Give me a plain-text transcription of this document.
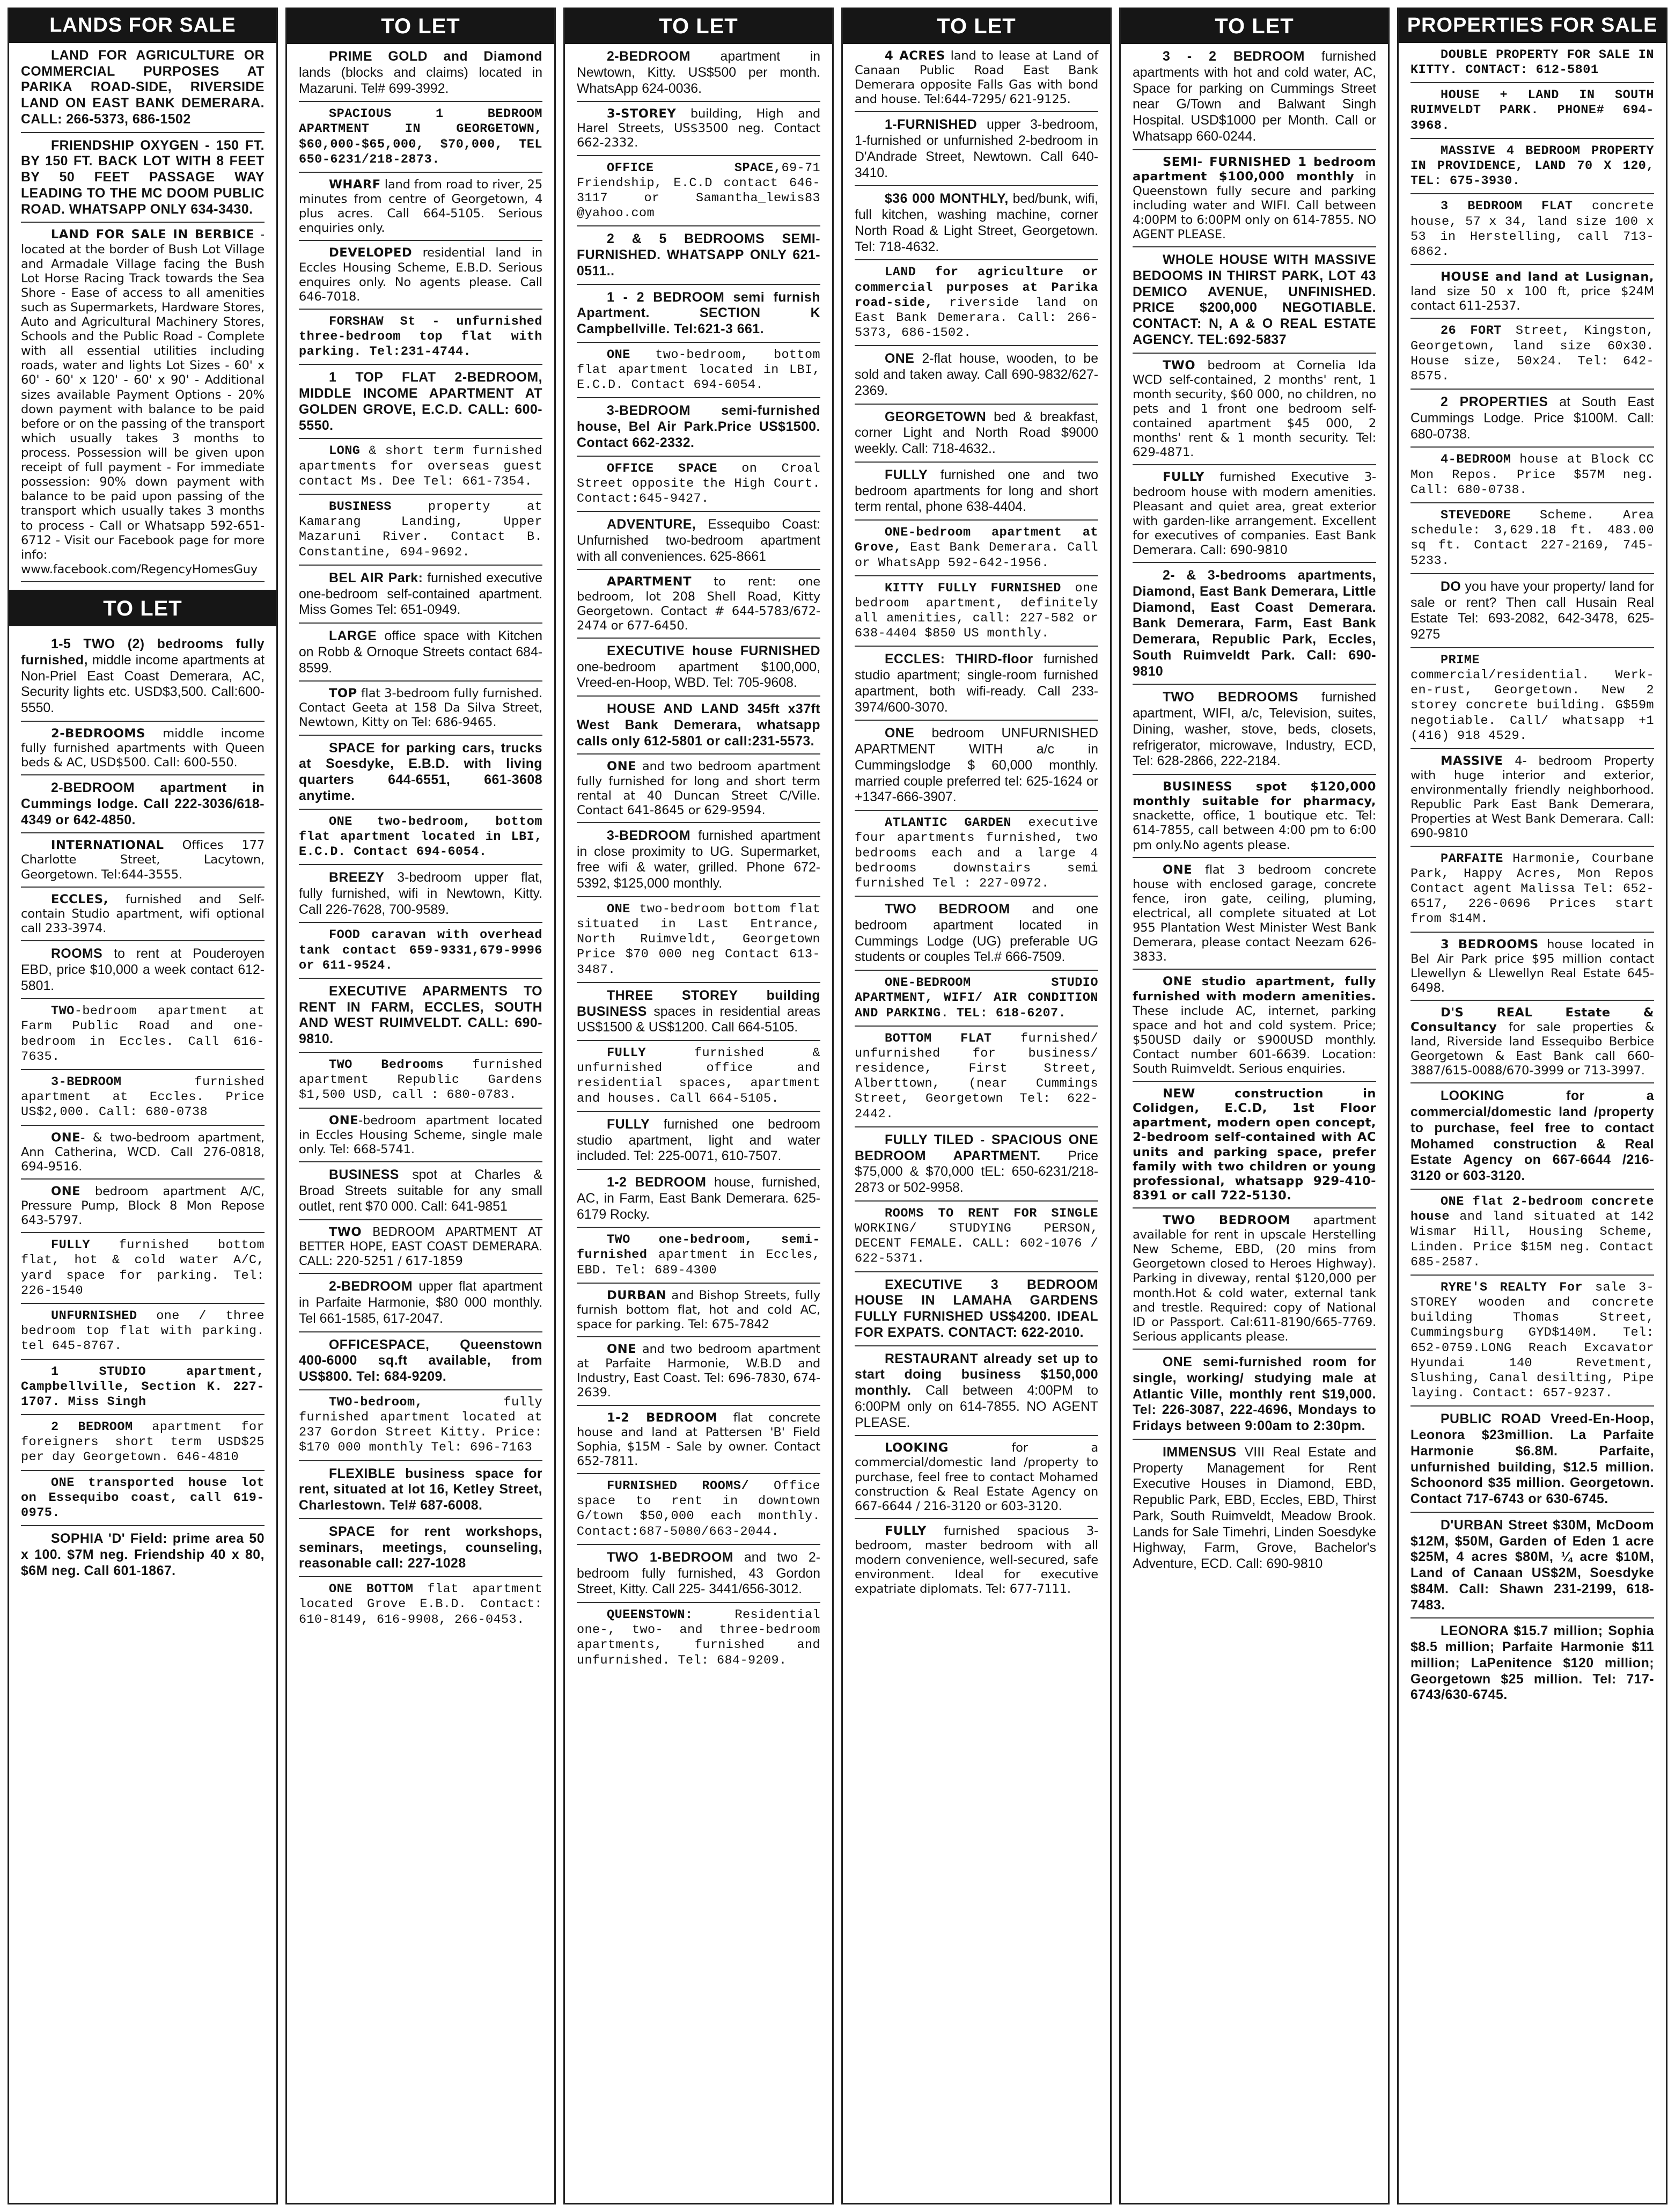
LANDS FOR SALE
LAND FOR AGRICULTURE OR COMMERCIAL PURPOSES AT PARIKA ROAD-SIDE, RIVERSIDE LAND ON EAST BANK DEMERARA. CALL: 266-5373, 686-1502
FRIENDSHIP OXYGEN - 150 FT. BY 150 FT. BACK LOT WITH 8 FEET BY 50 FEET PASSAGE WAY LEADING TO THE MC DOOM PUBLIC ROAD. WHATSAPP ONLY 634-3430.
LAND FOR SALE IN BERBICE - located at the border of Bush Lot Village and Armadale Village facing the Bush Lot Horse Racing Track towards the Sea Shore - Ease of access to all amenities such as Supermarkets, Hardware Stores, Auto and Agricultural Machinery Stores, Schools and the Public Road - Complete with all essential utilities including roads, water and lights Lot Sizes - 60' x 60' - 60' x 120' - 60' x 90' - Additional sizes available Payment Options - 20% down payment with balance to be paid before or on the passing of the transport which usually takes 3 months to process. Possession will be given upon receipt of full payment - For immediate possession: 90% down payment with balance to be paid upon passing of the transport which usually takes 3 months to process - Call or Whatsapp 592-651-6712 - Visit our Facebook page for more info: www.facebook.com/RegencyHomesGuy
TO LET
1-5 TWO (2) bedrooms fully furnished, middle income apartments at Non-Priel East Coast Demerara, AC, Security lights etc. USD$3,500. Call:600-5550.
2-BEDROOMS middle income fully furnished apartments with Queen beds & AC, USD$500. Call: 600-550.
2-BEDROOM apartment in Cummings lodge. Call 222-3036/618-4349 or 642-4850.
INTERNATIONAL Offices 177 Charlotte Street, Lacytown, Georgetown. Tel:644-3555.
ECCLES, furnished and Self-contain Studio apartment, wifi optional call 233-3974.
ROOMS to rent at Pouderoyen EBD, price $10,000 a week contact 612-5801.
TWO-bedroom apartment at Farm Public Road and one-bedroom in Eccles. Call 616-7635.
3-BEDROOM furnished apartment at Eccles. Price US$2,000. Call: 680-0738
ONE- & two-bedroom apartment, Ann Catherina, WCD. Call 276-0818, 694-9516.
ONE bedroom apartment A/C, Pressure Pump, Block 8 Mon Repose 643-5797.
FULLY furnished bottom flat, hot & cold water A/C, yard space for parking. Tel: 226-1540
UNFURNISHED one / three bedroom top flat with parking. tel 645-8767.
1 STUDIO apartment, Campbellville, Section K. 227-1707. Miss Singh
2 BEDROOM apartment for foreigners short term USD$25 per day Georgetown. 646-4810
ONE transported house lot on Essequibo coast, call 619-0975.
SOPHIA 'D' Field: prime area 50 x 100. $7M neg. Friendship 40 x 80, $6M neg. Call 601-1867.
TO LET
PRIME GOLD and Diamond lands (blocks and claims) located in Mazaruni. Tel# 699-3992.
SPACIOUS 1 BEDROOM APARTMENT IN GEORGETOWN, $60,000-$65,000, $70,000, TEL 650-6231/218-2873.
WHARF land from road to river, 25 minutes from centre of Georgetown, 4 plus acres. Call 664-5105. Serious enquiries only.
DEVELOPED residential land in Eccles Housing Scheme, E.B.D. Serious enquires only. No agents please. Call 646-7018.
FORSHAW St - unfurnished three-bedroom top flat with parking. Tel:231-4744.
1 TOP FLAT 2-BEDROOM, MIDDLE INCOME APARTMENT AT GOLDEN GROVE, E.C.D. CALL: 600-5550.
LONG & short term furnished apartments for overseas guest contact Ms. Dee Tel: 661-7354.
BUSINESS property at Kamarang Landing, Upper Mazaruni River. Contact B. Constantine, 694-9692.
BEL AIR Park: furnished executive one-bedroom self-contained apartment. Miss Gomes Tel: 651-0949.
LARGE office space with Kitchen on Robb & Ornoque Streets contact 684-8599.
TOP flat 3-bedroom fully furnished. Contact Geeta at 158 Da Silva Street, Newtown, Kitty on Tel: 686-9465.
SPACE for parking cars, trucks at Soesdyke, E.B.D. with living quarters 644-6551, 661-3608 anytime.
ONE two-bedroom, bottom flat apartment located in LBI, E.C.D. Contact 694-6054.
BREEZY 3-bedroom upper flat, fully furnished, wifi in Newtown, Kitty. Call 226-7628, 700-9589.
FOOD caravan with overhead tank contact 659-9331,679-9996 or 611-9524.
EXECUTIVE APARMENTS TO RENT IN FARM, ECCLES, SOUTH AND WEST RUIMVELDT. CALL: 690-9810.
TWO Bedrooms furnished apartment Republic Gardens $1,500 USD, call : 680-0783.
ONE-bedroom apartment located in Eccles Housing Scheme, single male only. Tel: 668-5741.
BUSINESS spot at Charles & Broad Streets suitable for any small outlet, rent $70 000. Call: 641-9851
TWO BEDROOM APARTMENT AT BETTER HOPE, EAST COAST DEMERARA. CALL: 220-5251 / 617-1859
2-BEDROOM upper flat apartment in Parfaite Harmonie, $80 000 monthly. Tel 661-1585, 617-2047.
OFFICESPACE, Queenstown 400-6000 sq.ft available, from US$800. Tel: 684-9209.
TWO-bedroom, fully furnished apartment located at 237 Gordon Street Kitty. Price: $170 000 monthly Tel: 696-7163
FLEXIBLE business space for rent, situated at lot 16, Ketley Street, Charlestown. Tel# 687-6008.
SPACE for rent workshops, seminars, meetings, counseling, reasonable call: 227-1028
ONE BOTTOM flat apartment located Grove E.B.D. Contact: 610-8149, 616-9908, 266-0453.
TO LET
2-BEDROOM apartment in Newtown, Kitty. US$500 per month. WhatsApp 624-0036.
3-STOREY building, High and Harel Streets, US$3500 neg. Contact 662-2332.
OFFICE SPACE,69-71 Friendship, E.C.D contact 646-3117 or Samantha_lewis83 @yahoo.com
2 & 5 BEDROOMS SEMI-FURNISHED. WHATSAPP ONLY 621-0511..
1 - 2 BEDROOM semi furnish Apartment. SECTION K Campbellville. Tel:621-3 661.
ONE two-bedroom, bottom flat apartment located in LBI, E.C.D. Contact 694-6054.
3-BEDROOM semi-furnished house, Bel Air Park.Price US$1500. Contact 662-2332.
OFFICE SPACE on Croal Street opposite the High Court. Contact:645-9427.
ADVENTURE, Essequibo Coast: Unfurnished two-bedroom apartment with all conveniences. 625-8661
APARTMENT to rent: one bedroom, lot 208 Shell Road, Kitty Georgetown. Contact # 644-5783/672-2474 or 677-6450.
EXECUTIVE house FURNISHED one-bedroom apartment $100,000, Vreed-en-Hoop, WBD. Tel: 705-9608.
HOUSE AND LAND 345ft x37ft West Bank Demerara, whatsapp calls only 612-5801 or call:231-5573.
ONE and two bedroom apartment fully furnished for long and short term rental at 40 Duncan Street C/Ville. Contact 641-8645 or 629-9594.
3-BEDROOM furnished apartment in close proximity to UG. Supermarket, free wifi & water, grilled. Phone 672-5392, $125,000 monthly.
ONE two-bedroom bottom flat situated in Last Entrance, North Ruimveldt, Georgetown Price $70 000 neg Contact 613-3487.
THREE STOREY building BUSINESS spaces in residential areas US$1500 & US$1200. Call 664-5105.
FULLY furnished & unfurnished office and residential spaces, apartment and houses. Call 664-5105.
FULLY furnished one bedroom studio apartment, light and water included. Tel: 225-0071, 610-7507.
1-2 BEDROOM house, furnished, AC, in Farm, East Bank Demerara. 625-6179 Rocky.
TWO one-bedroom, semi-furnished apartment in Eccles, EBD. Tel: 689-4300
DURBAN and Bishop Streets, fully furnish bottom flat, hot and cold AC, space for parking. Tel: 675-7842
ONE and two bedroom apartment at Parfaite Harmonie, W.B.D and Industry, East Coast. Tel: 696-7830, 674-2639.
1-2 BEDROOM flat concrete house and land at Pattersen 'B' Field Sophia, $15M - Sale by owner. Contact 652-7811.
FURNISHED ROOMS/ Office space to rent in downtown G/town $50,000 each monthly. Contact:687-5080/663-2044.
TWO 1-BEDROOM and two 2-bedroom fully furnished, 43 Gordon Street, Kitty. Call 225- 3441/656-3012.
QUEENSTOWN: Residential one-, two- and three-bedroom apartments, furnished and unfurnished. Tel: 684-9209.
TO LET
4 ACRES land to lease at Land of Canaan Public Road East Bank Demerara opposite Falls Gas with bond and house. Tel:644-7295/ 621-9125.
1-FURNISHED upper 3-bedroom, 1-furnished or unfurnished 2-bedroom in D'Andrade Street, Newtown. Call 640-3410.
$36 000 MONTHLY, bed/bunk, wifi, full kitchen, washing machine, corner North Road & Light Street, Georgetown. Tel: 718-4632.
LAND for agriculture or commercial purposes at Parika road-side, riverside land on East Bank Demerara. Call: 266-5373, 686-1502.
ONE 2-flat house, wooden, to be sold and taken away. Call 690-9832/627-2369.
GEORGETOWN bed & breakfast, corner Light and North Road $9000 weekly. Call: 718-4632..
FULLY furnished one and two bedroom apartments for long and short term rental, phone 638-4404.
ONE-bedroom apartment at Grove, East Bank Demerara. Call or WhatsApp 592-642-1956.
KITTY FULLY FURNISHED one bedroom apartment, definitely all amenities, call: 227-582 or 638-4404 $850 US monthly.
ECCLES: THIRD-floor furnished studio apartment; single-room furnished apartment, both wifi-ready. Call 233-3974/600-3070.
ONE bedroom UNFURNISHED APARTMENT WITH a/c in Cummingslodge $ 60,000 monthly. married couple preferred tel: 625-1624 or +1347-666-3907.
ATLANTIC GARDEN executive four apartments furnished, two bedrooms each and a large 4 bedrooms downstairs semi furnished Tel : 227-0972.
TWO BEDROOM and one bedroom apartment located in Cummings Lodge (UG) preferable UG students or couples Tel.# 666-7509.
ONE-BEDROOM STUDIO APARTMENT, WIFI/ AIR CONDITION AND PARKING. TEL: 618-6207.
BOTTOM FLAT furnished/ unfurnished for business/ residence, First Street, Alberttown, (near Cummings Street, Georgetown Tel: 622-2442.
FULLY TILED - SPACIOUS ONE BEDROOM APARTMENT. Price $75,000 & $70,000 tEL: 650-6231/218-2873 or 502-9958.
ROOMS TO RENT FOR SINGLE WORKING/ STUDYING PERSON, DECENT FEMALE. CALL: 602-1076 / 622-5371.
EXECUTIVE 3 BEDROOM HOUSE IN LAMAHA GARDENS FULLY FURNISHED US$4200. IDEAL FOR EXPATS. CONTACT: 622-2010.
RESTAURANT already set up to start doing business $150,000 monthly. Call between 4:00PM to 6:00PM only on 614-7855. NO AGENT PLEASE.
LOOKING for a commercial/domestic land /property to purchase, feel free to contact Mohamed construction & Real Estate Agency on 667-6644 / 216-3120 or 603-3120.
FULLY furnished spacious 3-bedroom, master bedroom with all modern convenience, well-secured, safe environment. Ideal for executive expatriate diplomats. Tel: 677-7111.
TO LET
3 - 2 BEDROOM furnished apartments with hot and cold water, AC, Space for parking on Cummings Street near G/Town and Balwant Singh Hospital. USD$1000 per Month. Call or Whatsapp 660-0244.
SEMI- FURNISHED 1 bedroom apartment $100,000 monthly in Queenstown fully secure and parking including water and WIFI. Call between 4:00PM to 6:00PM only on 614-7855. NO AGENT PLEASE.
WHOLE HOUSE WITH MASSIVE BEDOOMS IN THIRST PARK, LOT 43 DEMICO AVENUE, UNFINISHED. PRICE $200,000 NEGOTIABLE. CONTACT: N, A & O REAL ESTATE AGENCY. TEL:692-5837
TWO bedroom at Cornelia Ida WCD self-contained, 2 months' rent, 1 month security, $60 000, no children, no pets and 1 front one bedroom self-contained apartment $45 000, 2 months' rent & 1 month security. Tel: 629-4871.
FULLY furnished Executive 3- bedroom house with modern amenities. Pleasant and quiet area, great exterior with garden-like arrangement. Excellent for executives of companies. East Bank Demerara. Call: 690-9810
2- & 3-bedrooms apartments, Diamond, East Bank Demerara, Little Diamond, East Coast Demerara. Bank Demerara, Farm, East Bank Demerara, Republic Park, Eccles, South Ruimveldt Park. Call: 690-9810
TWO BEDROOMS furnished apartment, WIFI, a/c, Television, suites, Dining, washer, stove, beds, closets, refrigerator, microwave, Industry, ECD, Tel: 628-2866, 222-2184.
BUSINESS spot $120,000 monthly suitable for pharmacy, snackette, office, 1 boutique etc. Tel: 614-7855, call between 4:00 pm to 6:00 pm only.No agents please.
ONE flat 3 bedroom concrete house with enclosed garage, concrete fence, iron gate, ceiling, pluming, electrical, all complete situated at Lot 955 Plantation West Minister West Bank Demerara, please contact Neezam 626-3833.
ONE studio apartment, fully furnished with modern amenities. These include AC, internet, parking space and hot and cold system. Price; $50USD daily or $900USD monthly. Contact number 601-6639. Location: South Ruimveldt. Serious enquiries.
NEW construction in Colidgen, E.C.D, 1st Floor apartment, modern open concept, 2-bedroom self-contained with AC units and parking space, prefer family with two children or young professional, whatsapp 929-410-8391 or call 722-5130.
TWO BEDROOM apartment available for rent in upscale Herstelling New Scheme, EBD, (20 mins from Georgetown closed to Heroes Highway). Parking in diveway, rental $120,000 per month.Hot & cold water, external tank and trestle. Required: copy of National ID or Passport. Cal:611-8190/665-7769. Serious applicants please.
ONE semi-furnished room for single, working/ studying male at Atlantic Ville, monthly rent $19,000. Tel: 226-3087, 222-4696, Mondays to Fridays between 9:00am to 2:30pm.
IMMENSUS VIII Real Estate and Property Management for Rent Executive Houses in Diamond, EBD, Republic Park, EBD, Eccles, EBD, Thirst Park, South Ruimveldt, Meadow Brook. Lands for Sale Timehri, Linden Soesdyke Highway, Farm, Grove, Bachelor's Adventure, ECD. Call: 690-9810
PROPERTIES FOR SALE
DOUBLE PROPERTY FOR SALE IN KITTY. CONTACT: 612-5801
HOUSE + LAND IN SOUTH RUIMVELDT PARK. PHONE# 694-3968.
MASSIVE 4 BEDROOM PROPERTY IN PROVIDENCE, LAND 70 X 120, TEL: 675-3930.
3 BEDROOM FLAT concrete house, 57 x 34, land size 100 x 53 in Herstelling, call 713-6862.
HOUSE and land at Lusignan, land size 50 x 100 ft, price $24M contact 611-2537.
26 FORT Street, Kingston, Georgetown, land size 60x30. House size, 50x24. Tel: 642-8575.
2 PROPERTIES at South East Cummings Lodge. Price $100M. Call: 680-0738.
4-BEDROOM house at Block CC Mon Repos. Price $57M neg. Call: 680-0738.
STEVEDORE Scheme. Area schedule: 3,629.18 ft. 483.00 sq ft. Contact 227-2169, 745-5233.
DO you have your property/ land for sale or rent? Then call Husain Real Estate Tel: 693-2082, 642-3478, 625-9275
PRIME commercial/residential. Werk-en-rust, Georgetown. New 2 storey concrete building. G$59m negotiable. Call/ whatsapp +1 (416) 918 4529.
MASSIVE 4- bedroom Property with huge interior and exterior, environmentally friendly neighborhood. Republic Park East Bank Demerara, Properties at West Bank Demerara. Call: 690-9810
PARFAITE Harmonie, Courbane Park, Happy Acres, Mon Repos Contact agent Malissa Tel: 652-6517, 226-0696 Prices start from $14M.
3 BEDROOMS house located in Bel Air Park price $95 million contact Llewellyn & Llewellyn Real Estate 645-6498.
D'S REAL Estate & Consultancy for sale properties & land, Riverside land Essequibo Berbice Georgetown & East Bank call 660-3887/615-0088/670-3999 or 713-3997.
LOOKING for a commercial/domestic land /property to purchase, feel free to contact Mohamed construction & Real Estate Agency on 667-6644 /216-3120 or 603-3120.
ONE flat 2-bedroom concrete house and land situated at 142 Wismar Hill, Housing Scheme, Linden. Price $15M neg. Contact 685-2587.
RYRE'S REALTY For sale 3-STOREY wooden and concrete building Thomas Street, Cummingsburg GYD$140M. Tel: 652-0759.LONG Reach Excavator Hyundai 140 Revetment, Slushing, Canal desilting, Pipe laying. Contact: 657-9237.
PUBLIC ROAD Vreed-En-Hoop, Leonora $23million. La Parfaite Harmonie $6.8M. Parfaite, unfurnished building, $12.5 million. Schoonord $35 million. Georgetown. Contact 717-6743 or 630-6745.
D'URBAN Street $30M, McDoom $12M, $50M, Garden of Eden 1 acre $25M, 4 acres $80M, ¼ acre $10M, Land of Canaan US$2M, Soesdyke $84M. Call: Shawn 231-2199, 618-7483.
LEONORA $15.7 million; Sophia $8.5 million; Parfaite Harmonie $11 million; LaPenitence $120 million; Georgetown $25 million. Tel: 717-6743/630-6745.
